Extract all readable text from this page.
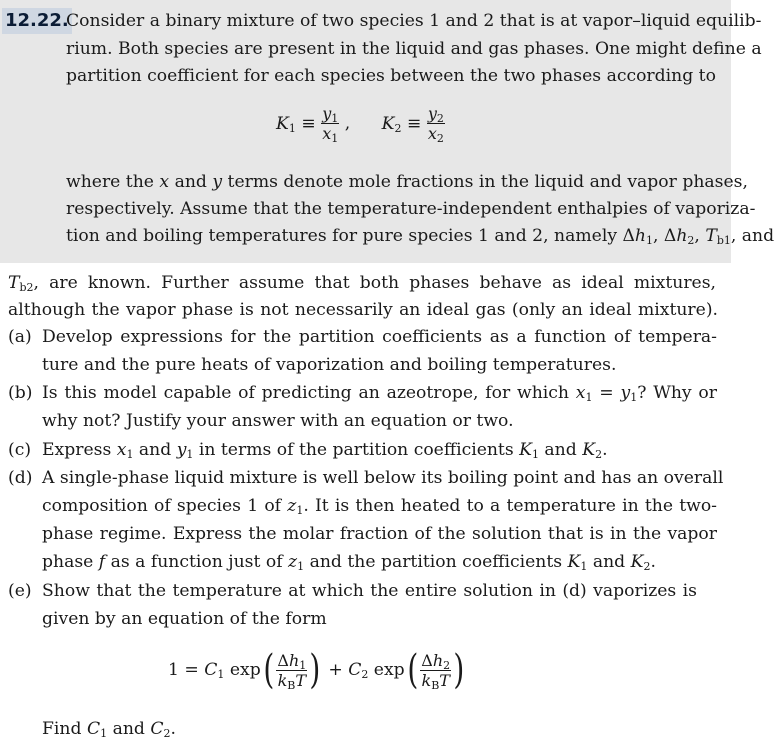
12.22.
Consider a binary mixture of two species 1 and 2 that is at vapor–liquid equilib-
rium. Both species are present in the liquid and gas phases. One might define a
partition coefficient for each species between the two phases according to
$K_1 \equiv \frac{y_1}{x_1}$ , $K_2 \equiv \frac{y_2}{x_2}$
where the x and y terms denote mole fractions in the liquid and vapor phases,
respectively. Assume that the temperature-independent enthalpies of vaporiza-
tion and boiling temperatures for pure species 1 and 2, namely $\Delta h_1$, $\Delta h_2$, $T_{b1}$, and
$T_{b2}$, are known. Further assume that both phases behave as ideal mixtures,
although the vapor phase is not necessarily an ideal gas (only an ideal mixture).
(a) Develop expressions for the partition coefficients as a function of tempera-
ture and the pure heats of vaporization and boiling temperatures.
(b) Is this model capable of predicting an azeotrope, for which $x_1 = y_1$? Why or
why not? Justify your answer with an equation or two.
(c) Express $x_1$ and $y_1$ in terms of the partition coefficients $K_1$ and $K_2$.
(d) A single-phase liquid mixture is well below its boiling point and has an overall
composition of species 1 of $z_1$. It is then heated to a temperature in the two-
phase regime. Express the molar fraction of the solution that is in the vapor
phase f as a function just of $z_1$ and the partition coefficients $K_1$ and $K_2$.
(e) Show that the temperature at which the entire solution in (d) vaporizes is
given by an equation of the form
$1 = C_1$ $\exp( \frac{\Delta h_1}{k_BT}$ ) + $C_2$ $\exp( \frac{\Delta h_2}{k_BT}$ )
Find $C_1$ and $C_2$.
